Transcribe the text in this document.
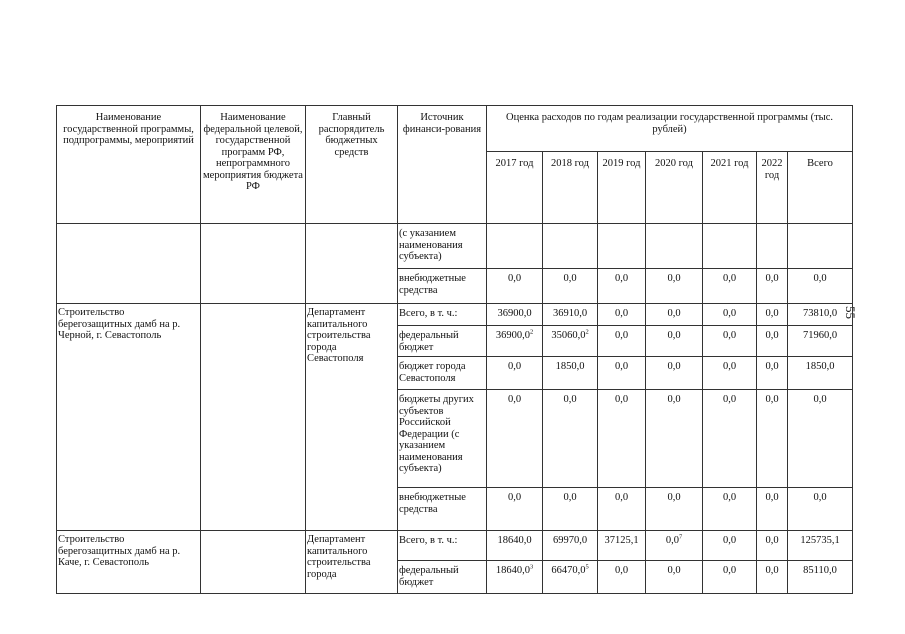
55
Наименование государственной программы, подпрограммы, мероприятий	Наименование федеральной целевой, государственной программ РФ, непрограммного мероприятия бюджета РФ	Главный распорядитель бюджетных средств	Источник финанси-рования	Оценка расходов по годам реализации государственной программы (тыс. рублей)						
				2017 год	2018 год	2019 год	2020 год	2021 год	2022 год	Всего
			(с указанием наименования субъекта)							
			внебюджетные средства	0,0	0,0	0,0	0,0	0,0	0,0	0,0
Строительство берегозащитных дамб на р. Черной, г. Севастополь		Департамент капитального строительства города Севастополя	Всего, в т. ч.:	36900,0	36910,0	0,0	0,0	0,0	0,0	73810,0
			федеральный бюджет	36900,0$^2$	35060,0$^2$	0,0	0,0	0,0	0,0	71960,0
			бюджет города Севастополя	0,0	1850,0	0,0	0,0	0,0	0,0	1850,0
			бюджеты других субъектов Российской Федерации (с указанием наименования субъекта)	0,0	0,0	0,0	0,0	0,0	0,0	0,0
			внебюджетные средства	0,0	0,0	0,0	0,0	0,0	0,0	0,0
Строительство берегозащитных дамб на р. Каче, г. Севастополь		Департамент капитального строительства города	Всего, в т. ч.:	18640,0	69970,0	37125,1	$0,0^7$	0,0	0,0	125735,1
			федеральный бюджет	18640,0$^3$	66470,0$^5$	0,0	0,0	0,0	0,0	85110,0
